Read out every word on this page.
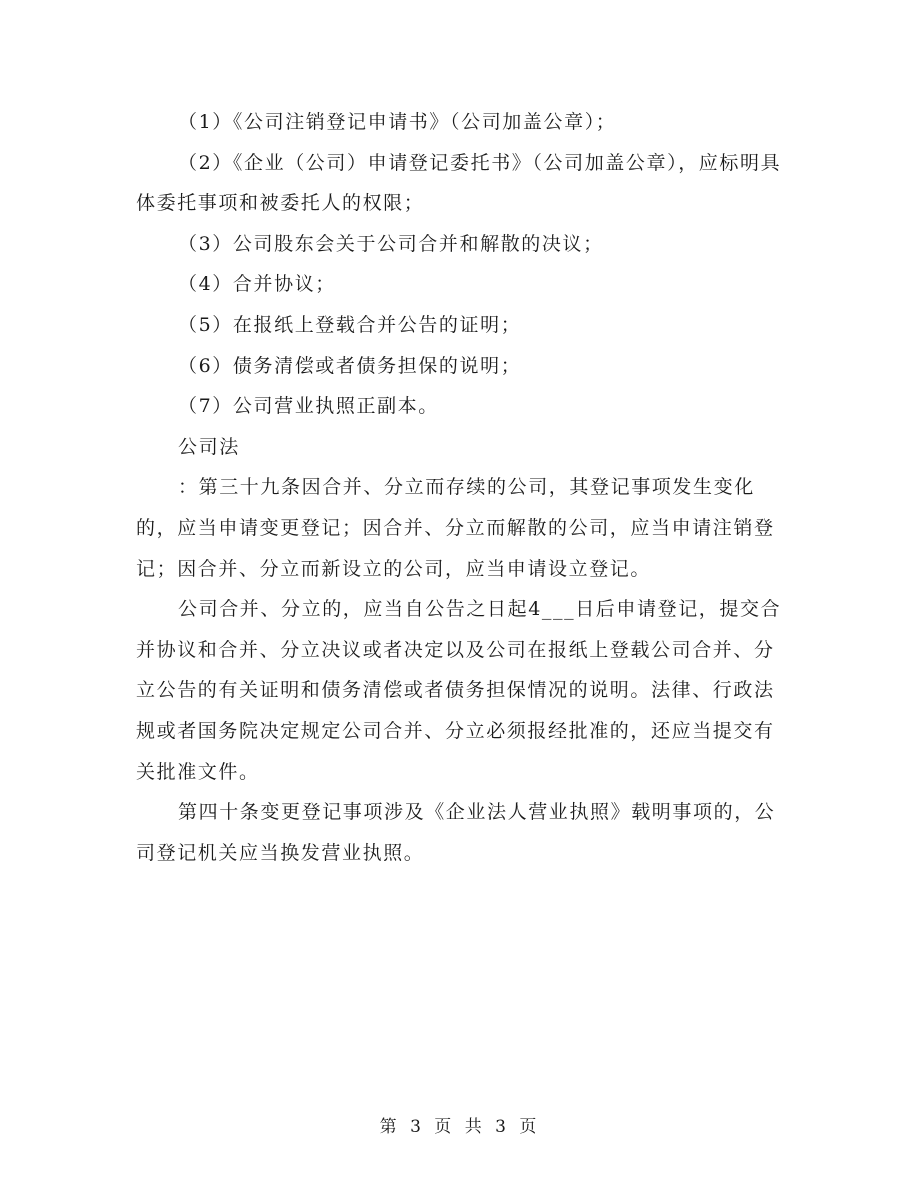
（1）《公司注销登记申请书》（公司加盖公章）；

（2）《企业（公司）申请登记委托书》（公司加盖公章），应标明具体委托事项和被委托人的权限；

（3）公司股东会关于公司合并和解散的决议；

（4）合并协议；

（5）在报纸上登载合并公告的证明；

（6）债务清偿或者债务担保的说明；

（7）公司营业执照正副本。

公司法

：第三十九条因合并、分立而存续的公司，其登记事项发生变化的，应当申请变更登记；因合并、分立而解散的公司，应当申请注销登记；因合并、分立而新设立的公司，应当申请设立登记。

公司合并、分立的，应当自公告之日起4___日后申请登记，提交合并协议和合并、分立决议或者决定以及公司在报纸上登载公司合并、分立公告的有关证明和债务清偿或者债务担保情况的说明。法律、行政法规或者国务院决定规定公司合并、分立必须报经批准的，还应当提交有关批准文件。

第四十条变更登记事项涉及《企业法人营业执照》载明事项的，公司登记机关应当换发营业执照。

第 3 页 共 3 页
